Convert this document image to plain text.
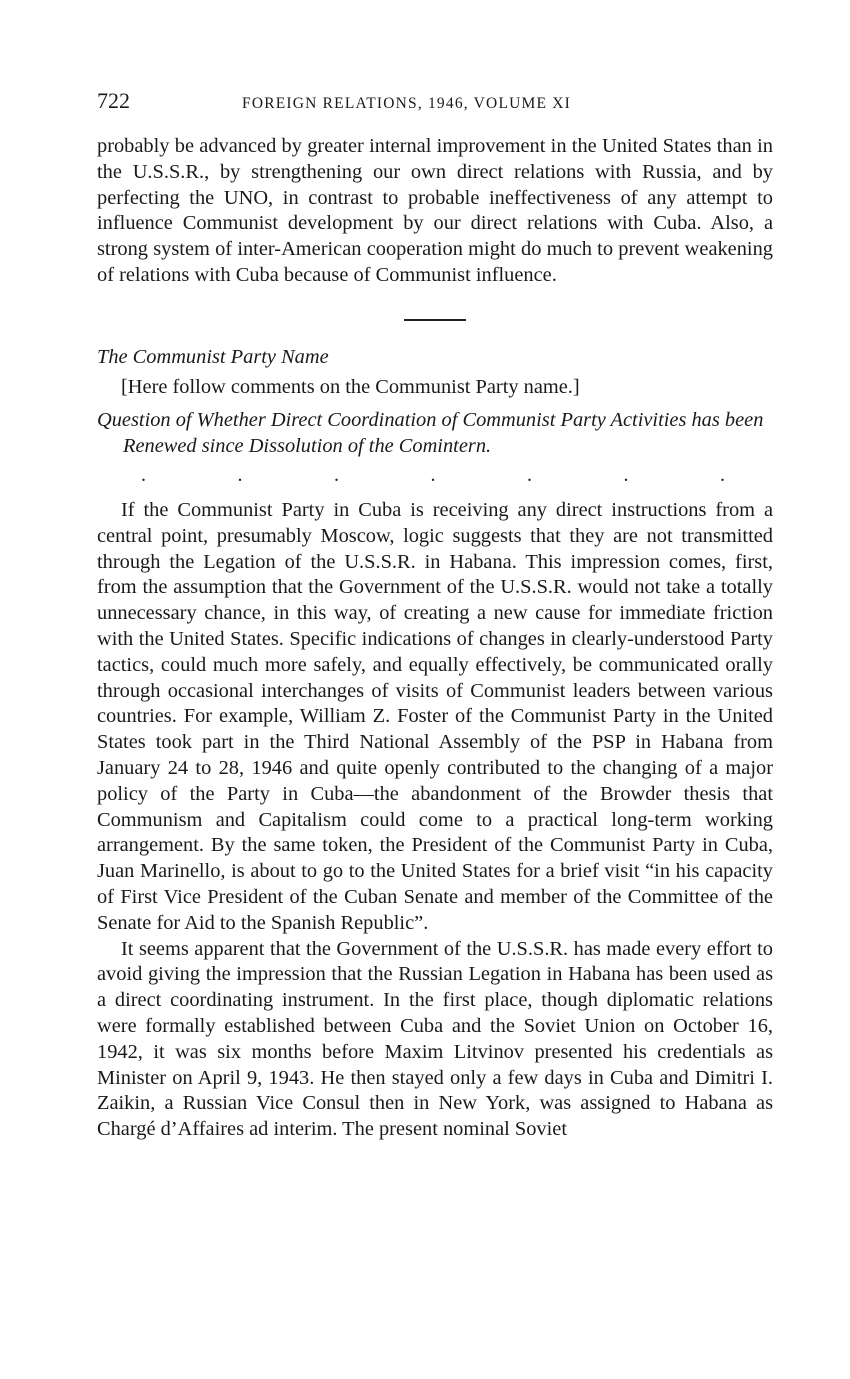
722	FOREIGN RELATIONS, 1946, VOLUME XI

probably be advanced by greater internal improvement in the United States than in the U.S.S.R., by strengthening our own direct relations with Russia, and by perfecting the UNO, in contrast to probable ineffectiveness of any attempt to influence Communist development by our direct relations with Cuba. Also, a strong system of inter-American cooperation might do much to prevent weakening of relations with Cuba because of Communist influence.

The Communist Party Name

[Here follow comments on the Communist Party name.]

Question of Whether Direct Coordination of Communist Party Activities has been Renewed since Dissolution of the Comintern.

.	.	.	.	.	.	.

If the Communist Party in Cuba is receiving any direct instructions from a central point, presumably Moscow, logic suggests that they are not transmitted through the Legation of the U.S.S.R. in Habana. This impression comes, first, from the assumption that the Government of the U.S.S.R. would not take a totally unnecessary chance, in this way, of creating a new cause for immediate friction with the United States. Specific indications of changes in clearly-understood Party tactics, could much more safely, and equally effectively, be communicated orally through occasional interchanges of visits of Communist leaders between various countries. For example, William Z. Foster of the Communist Party in the United States took part in the Third National Assembly of the PSP in Habana from January 24 to 28, 1946 and quite openly contributed to the changing of a major policy of the Party in Cuba—the abandonment of the Browder thesis that Communism and Capitalism could come to a practical long-term working arrangement. By the same token, the President of the Communist Party in Cuba, Juan Marinello, is about to go to the United States for a brief visit “in his capacity of First Vice President of the Cuban Senate and member of the Committee of the Senate for Aid to the Spanish Republic”.

It seems apparent that the Government of the U.S.S.R. has made every effort to avoid giving the impression that the Russian Legation in Habana has been used as a direct coordinating instrument. In the first place, though diplomatic relations were formally established between Cuba and the Soviet Union on October 16, 1942, it was six months before Maxim Litvinov presented his credentials as Minister on April 9, 1943. He then stayed only a few days in Cuba and Dimitri I. Zaikin, a Russian Vice Consul then in New York, was assigned to Habana as Chargé d’Affaires ad interim. The present nominal Soviet
